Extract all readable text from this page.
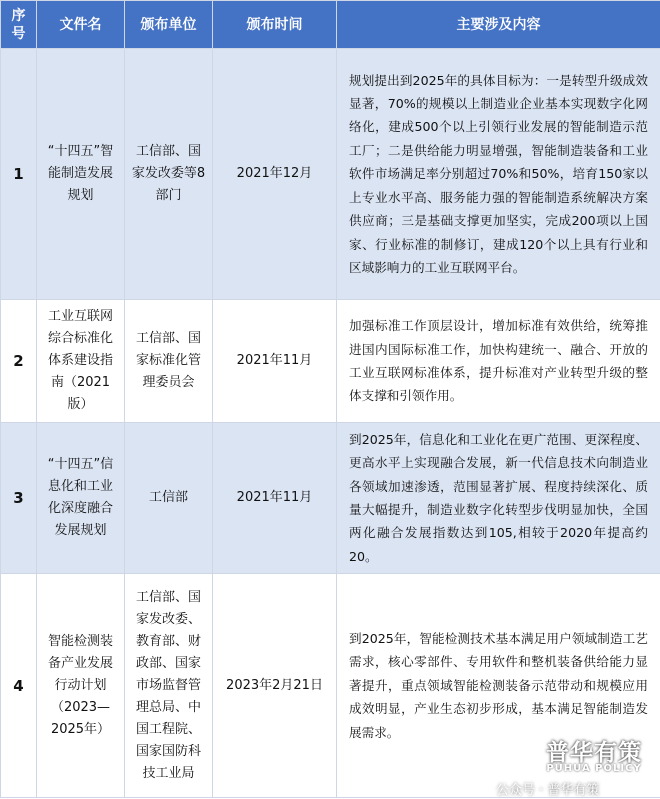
序号	文件名	颁布单位	颁布时间	主要涉及内容
1	“十四五”智能制造发展规划	工信部、国家发改委等8部门	2021年12月	规划提出到2025年的具体目标为：一是转型升级成效显著，70%的规模以上制造业企业基本实现数字化网络化，建成500个以上引领行业发展的智能制造示范工厂；二是供给能力明显增强，智能制造装备和工业软件市场满足率分别超过70%和50%，培育150家以上专业水平高、服务能力强的智能制造系统解决方案供应商；三是基础支撑更加坚实，完成200项以上国家、行业标准的制修订，建成120个以上具有行业和区域影响力的工业互联网平台。
2	工业互联网综合标准化体系建设指南（2021版）	工信部、国家标准化管理委员会	2021年11月	加强标准工作顶层设计，增加标准有效供给，统筹推进国内国际标准工作，加快构建统一、融合、开放的工业互联网标准体系，提升标准对产业转型升级的整体支撑和引领作用。
3	“十四五”信息化和工业化深度融合发展规划	工信部	2021年11月	到2025年，信息化和工业化在更广范围、更深程度、更高水平上实现融合发展，新一代信息技术向制造业各领域加速渗透，范围显著扩展、程度持续深化、质量大幅提升，制造业数字化转型步伐明显加快，全国两化融合发展指数达到105,相较于2020年提高约20。
4	智能检测装备产业发展行动计划（2023—2025年）	工信部、国家发改委、教育部、财政部、国家市场监督管理总局、中国工程院、国家国防科技工业局	2023年2月21日	到2025年，智能检测技术基本满足用户领域制造工艺需求，核心零部件、专用软件和整机装备供给能力显著提升，重点领域智能检测装备示范带动和规模应用成效明显，产业生态初步形成，基本满足智能制造发展需求。
普华有策
PUHUA POLICY
公众号 · 普华有策
